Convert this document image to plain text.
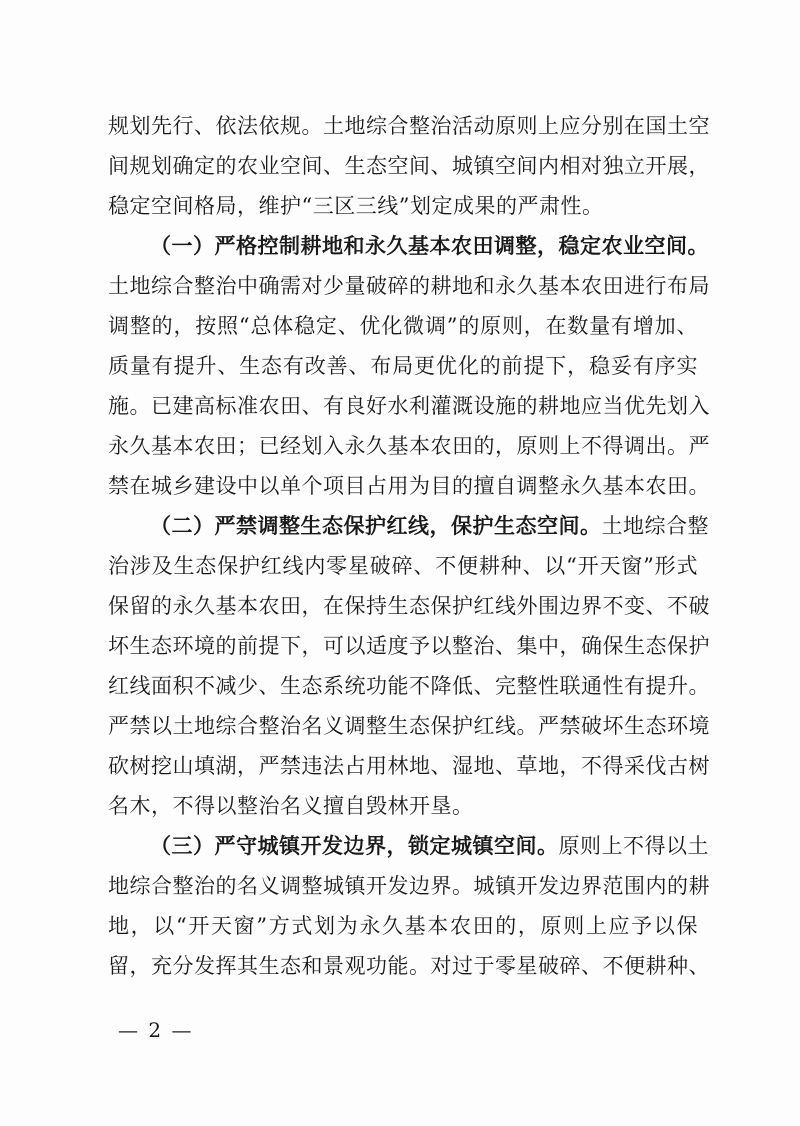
规划先行、依法依规。土地综合整治活动原则上应分别在国土空
间规划确定的农业空间、生态空间、城镇空间内相对独立开展，
稳定空间格局，维护“三区三线”划定成果的严肃性。
（一）严格控制耕地和永久基本农田调整，稳定农业空间。
土地综合整治中确需对少量破碎的耕地和永久基本农田进行布局
调整的，按照“总体稳定、优化微调”的原则，在数量有增加、
质量有提升、生态有改善、布局更优化的前提下，稳妥有序实
施。已建高标准农田、有良好水利灌溉设施的耕地应当优先划入
永久基本农田；已经划入永久基本农田的，原则上不得调出。严
禁在城乡建设中以单个项目占用为目的擅自调整永久基本农田。
（二）严禁调整生态保护红线，保护生态空间。土地综合整
治涉及生态保护红线内零星破碎、不便耕种、以“开天窗”形式
保留的永久基本农田，在保持生态保护红线外围边界不变、不破
坏生态环境的前提下，可以适度予以整治、集中，确保生态保护
红线面积不减少、生态系统功能不降低、完整性联通性有提升。
严禁以土地综合整治名义调整生态保护红线。严禁破坏生态环境
砍树挖山填湖，严禁违法占用林地、湿地、草地，不得采伐古树
名木，不得以整治名义擅自毁林开垦。
（三）严守城镇开发边界，锁定城镇空间。原则上不得以土
地综合整治的名义调整城镇开发边界。城镇开发边界范围内的耕
地，以“开天窗”方式划为永久基本农田的，原则上应予以保
留，充分发挥其生态和景观功能。对过于零星破碎、不便耕种、
— 2 —
